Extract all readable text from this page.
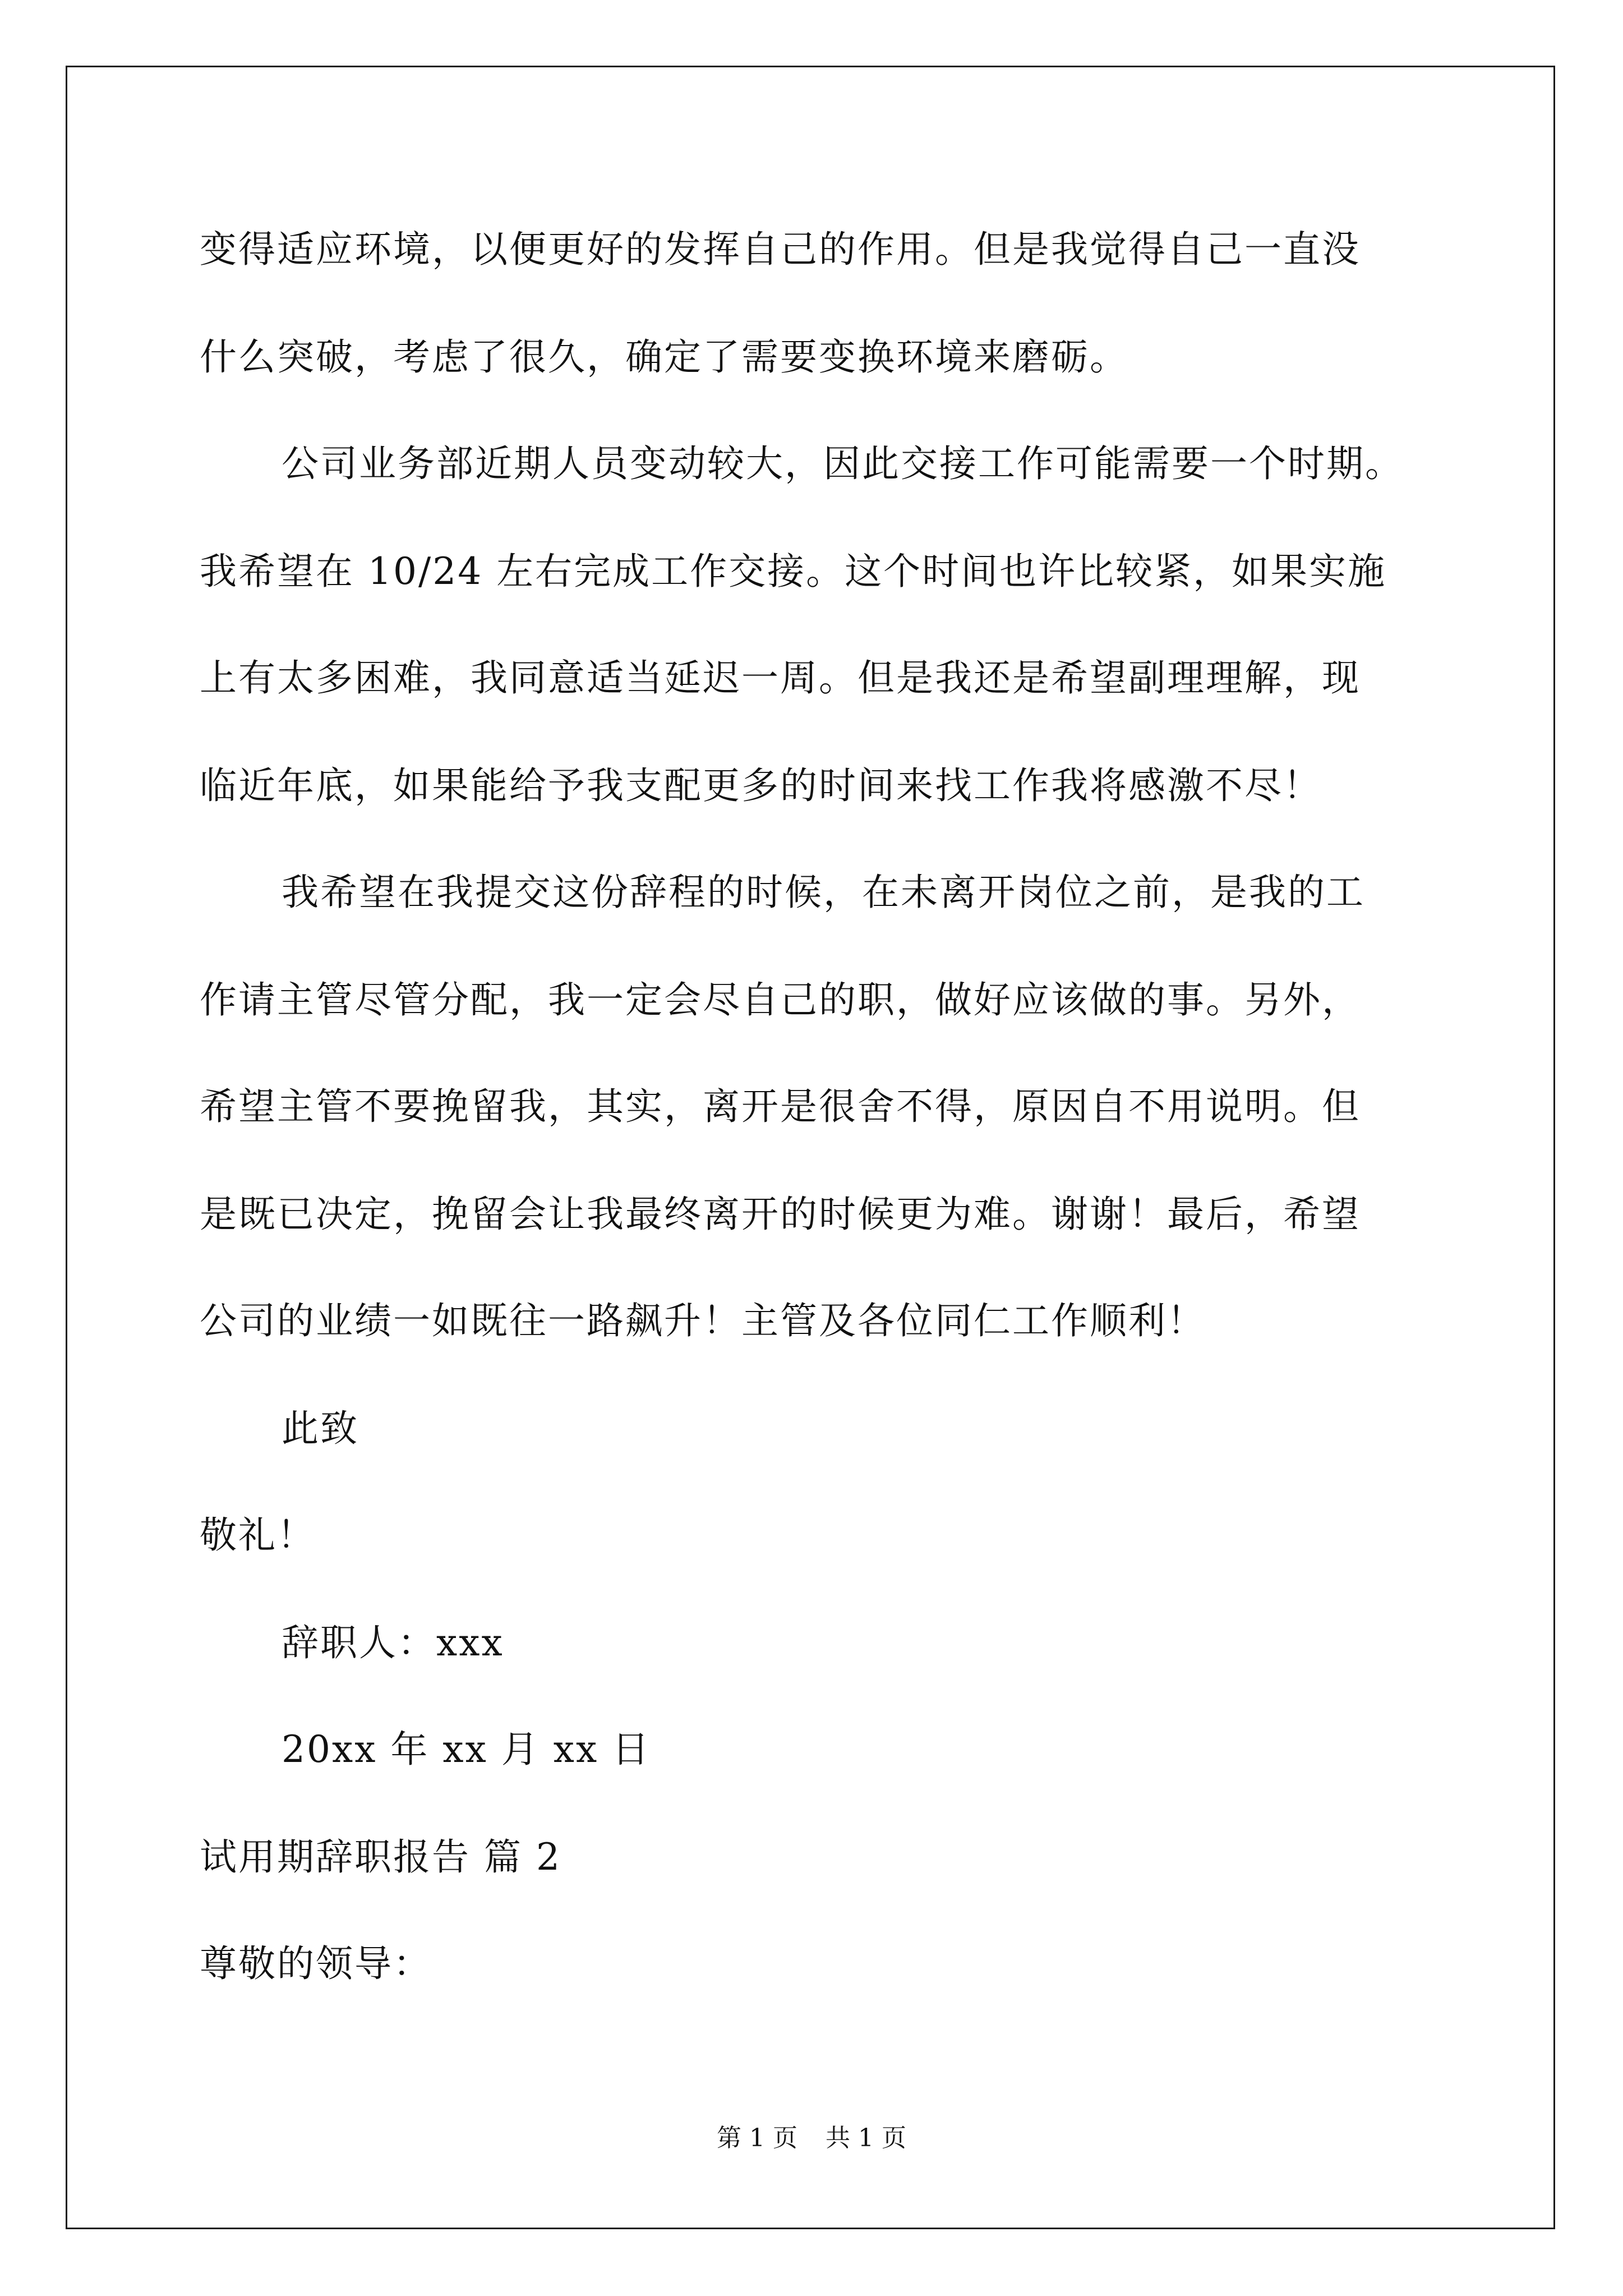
变得适应环境，以便更好的发挥自己的作用。但是我觉得自己一直没
什么突破，考虑了很久，确定了需要变换环境来磨砺。
公司业务部近期人员变动较大，因此交接工作可能需要一个时期。
我希望在 10/24 左右完成工作交接。这个时间也许比较紧，如果实施
上有太多困难，我同意适当延迟一周。但是我还是希望副理理解，现
临近年底，如果能给予我支配更多的时间来找工作我将感激不尽！
我希望在我提交这份辞程的时候，在未离开岗位之前，是我的工
作请主管尽管分配，我一定会尽自己的职，做好应该做的事。另外，
希望主管不要挽留我，其实，离开是很舍不得，原因自不用说明。但
是既已决定，挽留会让我最终离开的时候更为难。谢谢！最后，希望
公司的业绩一如既往一路飙升！主管及各位同仁工作顺利！
此致
敬礼！
辞职人：xxx
20xx 年 xx 月 xx 日
试用期辞职报告 篇 2
尊敬的领导：
第 1 页 共 1 页
